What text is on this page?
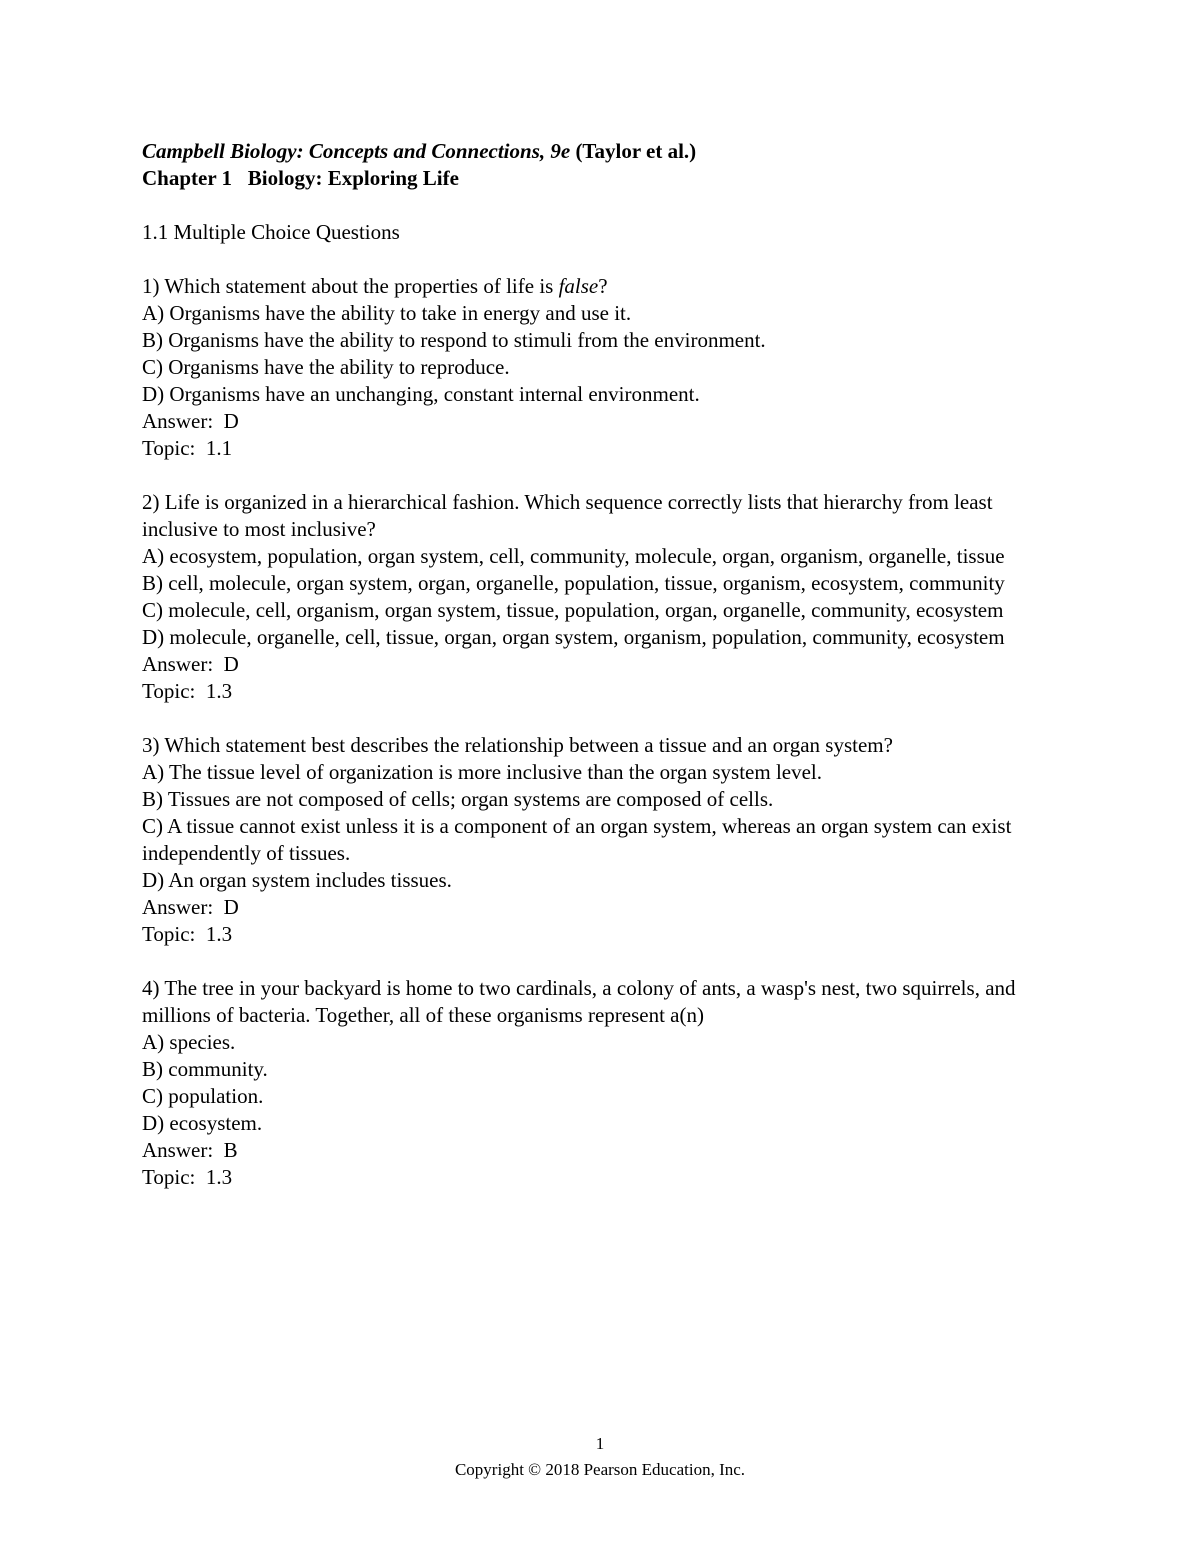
Campbell Biology: Concepts and Connections, 9e (Taylor et al.)

Chapter 1   Biology: Exploring Life

1.1 Multiple Choice Questions

1) Which statement about the properties of life is false?

A) Organisms have the ability to take in energy and use it.

B) Organisms have the ability to respond to stimuli from the environment.

C) Organisms have the ability to reproduce.

D) Organisms have an unchanging, constant internal environment.

Answer:  D

Topic:  1.1

2) Life is organized in a hierarchical fashion. Which sequence correctly lists that hierarchy from least inclusive to most inclusive?

A) ecosystem, population, organ system, cell, community, molecule, organ, organism, organelle, tissue

B) cell, molecule, organ system, organ, organelle, population, tissue, organism, ecosystem, community

C) molecule, cell, organism, organ system, tissue, population, organ, organelle, community, ecosystem

D) molecule, organelle, cell, tissue, organ, organ system, organism, population, community, ecosystem

Answer:  D

Topic:  1.3

3) Which statement best describes the relationship between a tissue and an organ system?

A) The tissue level of organization is more inclusive than the organ system level.

B) Tissues are not composed of cells; organ systems are composed of cells.

C) A tissue cannot exist unless it is a component of an organ system, whereas an organ system can exist independently of tissues.

D) An organ system includes tissues.

Answer:  D

Topic:  1.3

4) The tree in your backyard is home to two cardinals, a colony of ants, a wasp's nest, two squirrels, and millions of bacteria. Together, all of these organisms represent a(n)

A) species.

B) community.

C) population.

D) ecosystem.

Answer:  B

Topic:  1.3

1
Copyright © 2018 Pearson Education, Inc.
